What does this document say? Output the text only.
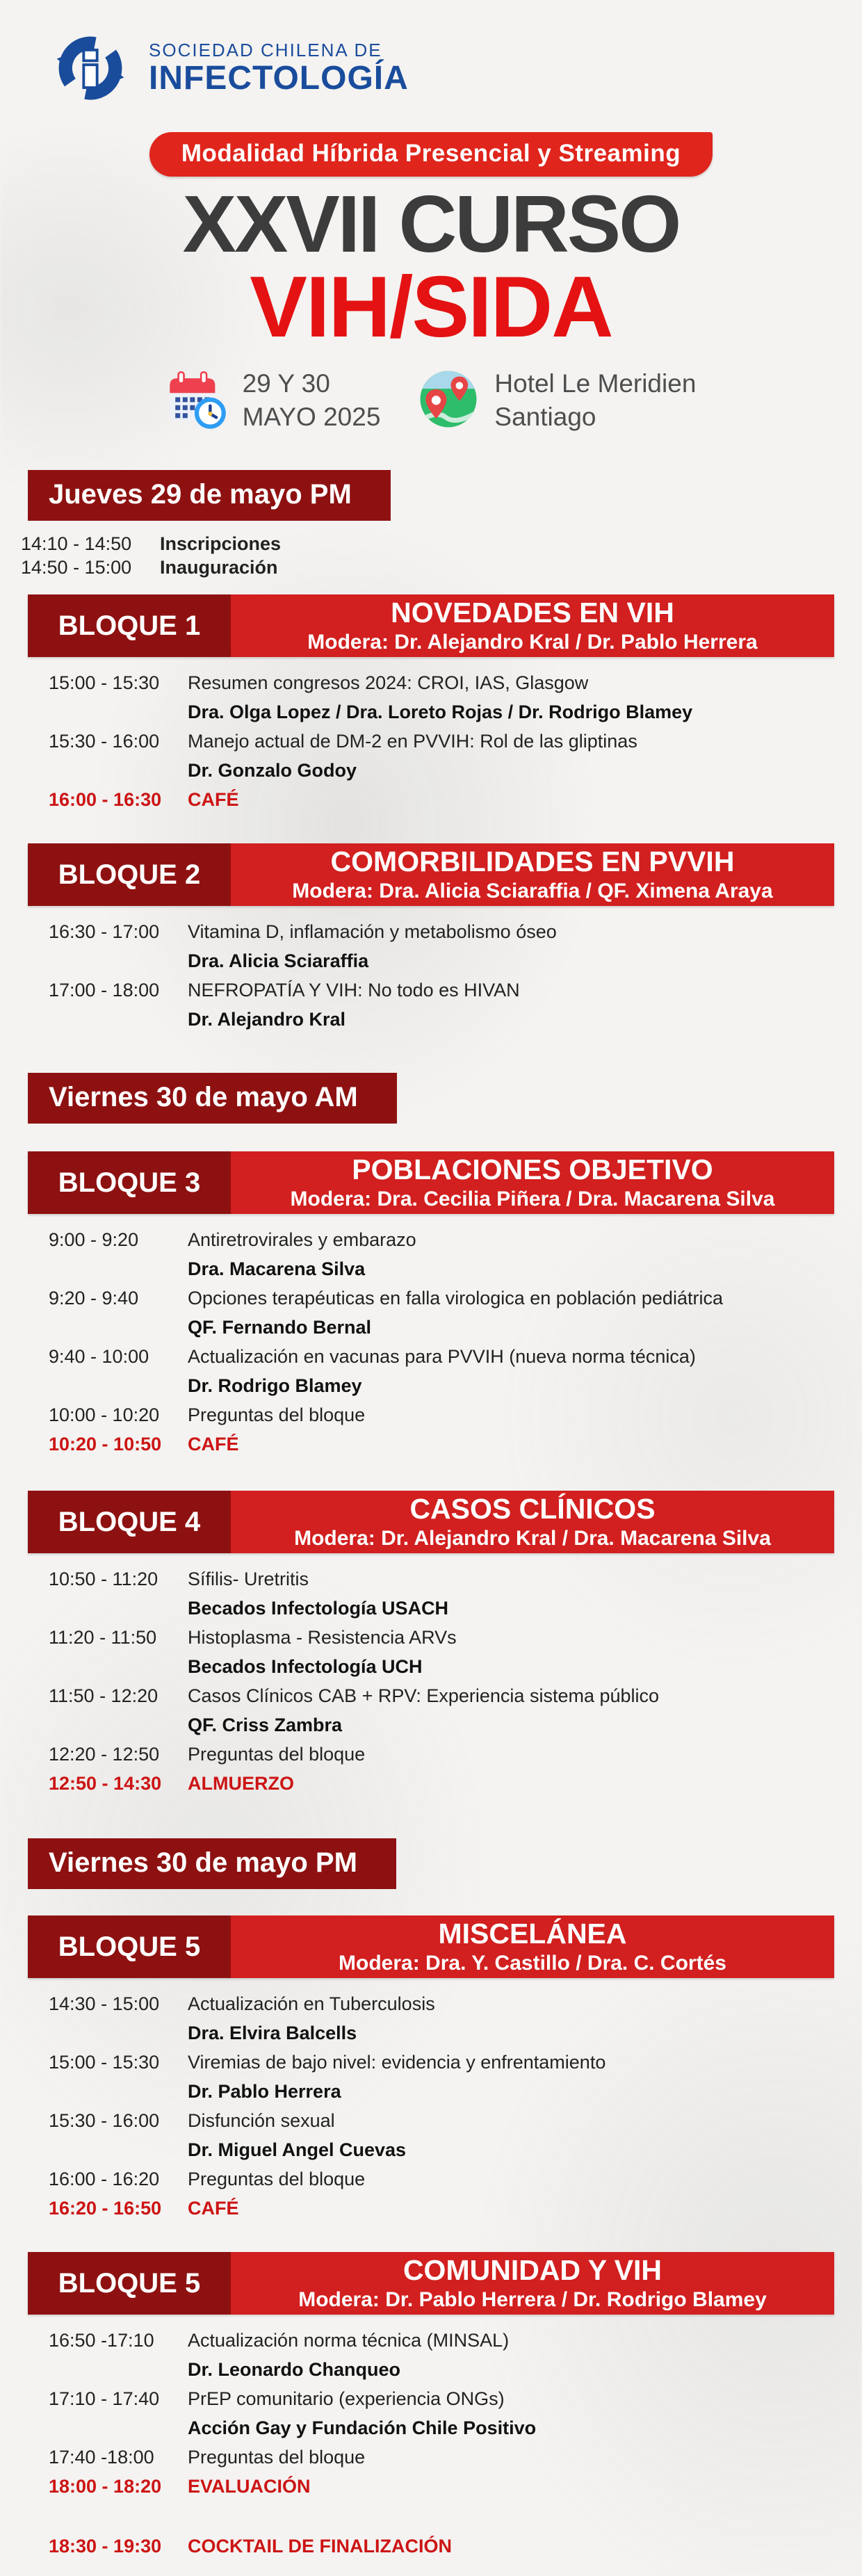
SOCIEDAD CHILENA DE
INFECTOLOGÍA
Modalidad Híbrida Presencial y Streaming
XXVII CURSO
VIH/SIDA
29 Y 30
MAYO 2025
Hotel Le Meridien
Santiago
Jueves 29 de mayo PM
14:10 - 14:50	Inscripciones
14:50 - 15:00	Inauguración
BLOQUE 1	NOVEDADES EN VIH
Modera: Dr. Alejandro Kral / Dr. Pablo Herrera
15:00 - 15:30	Resumen congresos 2024: CROI, IAS, Glasgow
Dra. Olga Lopez / Dra. Loreto Rojas / Dr. Rodrigo Blamey
15:30 - 16:00	Manejo actual de DM-2 en PVVIH: Rol de las gliptinas
Dr. Gonzalo Godoy
16:00 - 16:30	CAFÉ
BLOQUE 2	COMORBILIDADES EN PVVIH
Modera: Dra. Alicia Sciaraffia / QF. Ximena Araya
16:30 - 17:00	Vitamina D, inflamación y metabolismo óseo
Dra. Alicia Sciaraffia
17:00 - 18:00	NEFROPATÍA Y VIH: No todo es HIVAN
Dr. Alejandro Kral
Viernes 30 de mayo AM
BLOQUE 3	POBLACIONES OBJETIVO
Modera: Dra. Cecilia Piñera / Dra. Macarena Silva
9:00 - 9:20	Antiretrovirales y embarazo
Dra. Macarena Silva
9:20 - 9:40	Opciones terapéuticas en falla virologica en población pediátrica
QF. Fernando Bernal
9:40 - 10:00	Actualización en vacunas para PVVIH (nueva norma técnica)
Dr. Rodrigo Blamey
10:00 - 10:20	Preguntas del bloque
10:20 - 10:50	CAFÉ
BLOQUE 4	CASOS CLÍNICOS
Modera: Dr. Alejandro Kral / Dra. Macarena Silva
10:50 - 11:20	Sífilis- Uretritis
Becados Infectología USACH
11:20 - 11:50	Histoplasma - Resistencia ARVs
Becados Infectología UCH
11:50 - 12:20	Casos Clínicos CAB + RPV: Experiencia sistema público
QF. Criss Zambra
12:20 - 12:50	Preguntas del bloque
12:50 - 14:30	ALMUERZO
Viernes 30 de mayo PM
BLOQUE 5	MISCELÁNEA
Modera: Dra. Y. Castillo / Dra. C. Cortés
14:30 - 15:00	Actualización en Tuberculosis
Dra. Elvira Balcells
15:00 - 15:30	Viremias de bajo nivel: evidencia y enfrentamiento
Dr. Pablo Herrera
15:30 - 16:00	Disfunción sexual
Dr. Miguel Angel Cuevas
16:00 - 16:20	Preguntas del bloque
16:20 - 16:50	CAFÉ
BLOQUE 5	COMUNIDAD Y VIH
Modera: Dr. Pablo Herrera / Dr. Rodrigo Blamey
16:50 -17:10	Actualización norma técnica (MINSAL)
Dr. Leonardo Chanqueo
17:10 - 17:40	PrEP comunitario (experiencia ONGs)
Acción Gay y Fundación Chile Positivo
17:40 -18:00	Preguntas del bloque
18:00 - 18:20	EVALUACIÓN
18:30 - 19:30	COCKTAIL DE FINALIZACIÓN
